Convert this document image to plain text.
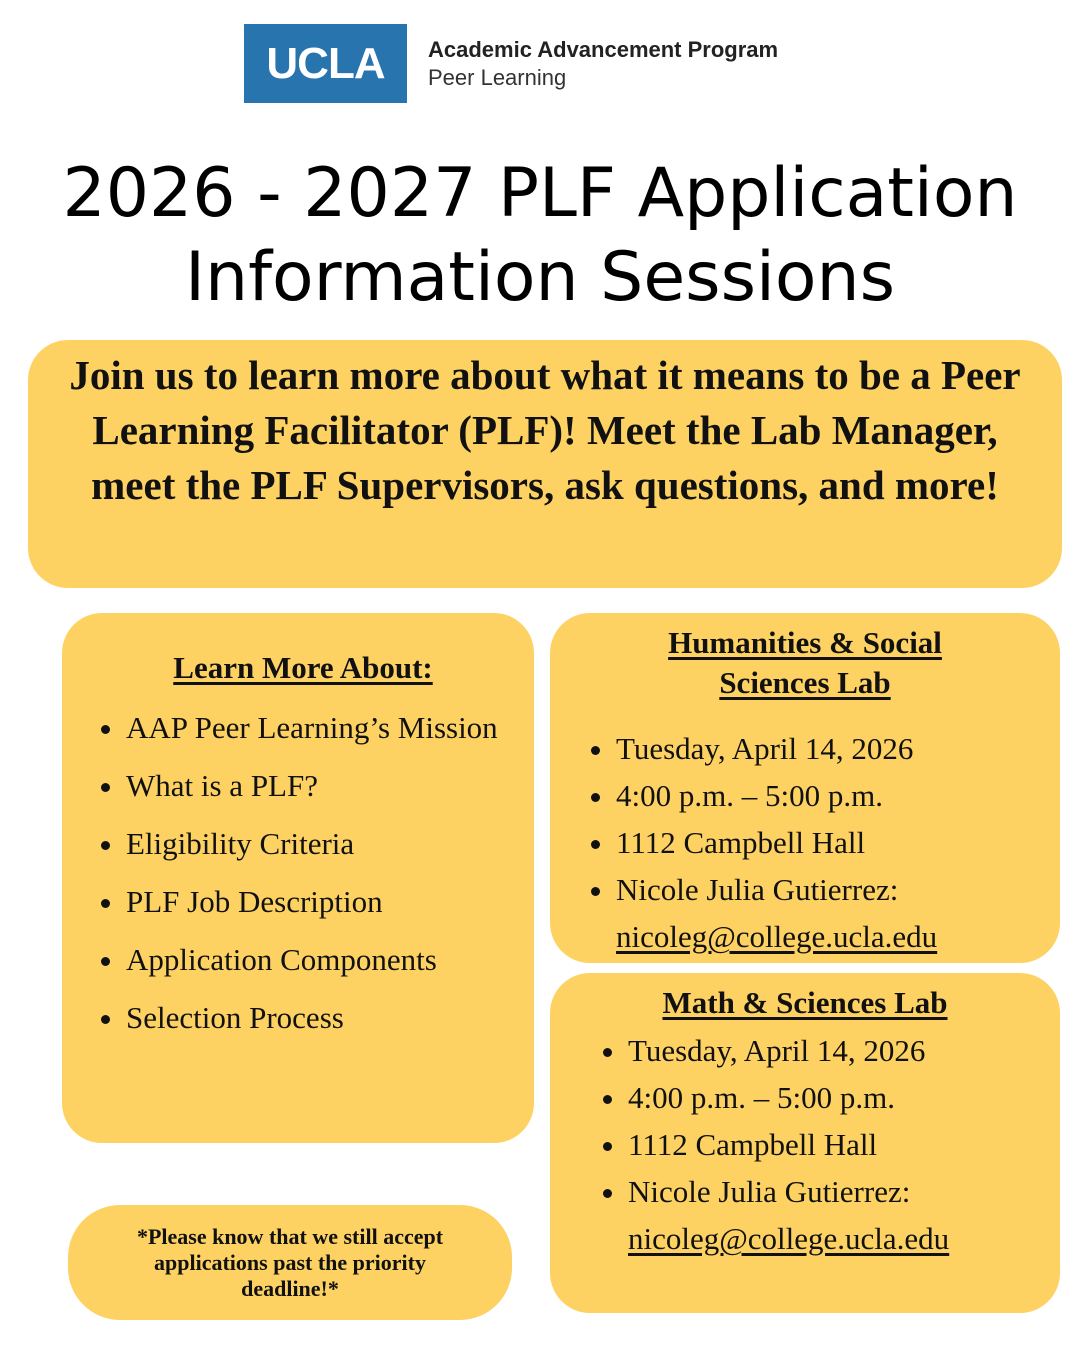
UCLA	Academic Advancement Program
Peer Learning
2026 - 2027 PLF Application
Information Sessions

Join us to learn more about what it means to be a Peer Learning Facilitator (PLF)! Meet the Lab Manager, meet the PLF Supervisors, ask questions, and more!

Learn More About:
• AAP Peer Learning’s Mission
• What is a PLF?
• Eligibility Criteria
• PLF Job Description
• Application Components
• Selection Process
Humanities & Social
Sciences Lab
• Tuesday, April 14, 2026
• 4:00 p.m. – 5:00 p.m.
• 1112 Campbell Hall
• Nicole Julia Gutierrez:
nicoleg@college.ucla.edu
Math & Sciences Lab
• Tuesday, April 14, 2026
• 4:00 p.m. – 5:00 p.m.
• 1112 Campbell Hall
• Nicole Julia Gutierrez:
nicoleg@college.ucla.edu

*Please know that we still accept applications past the priority deadline!*
